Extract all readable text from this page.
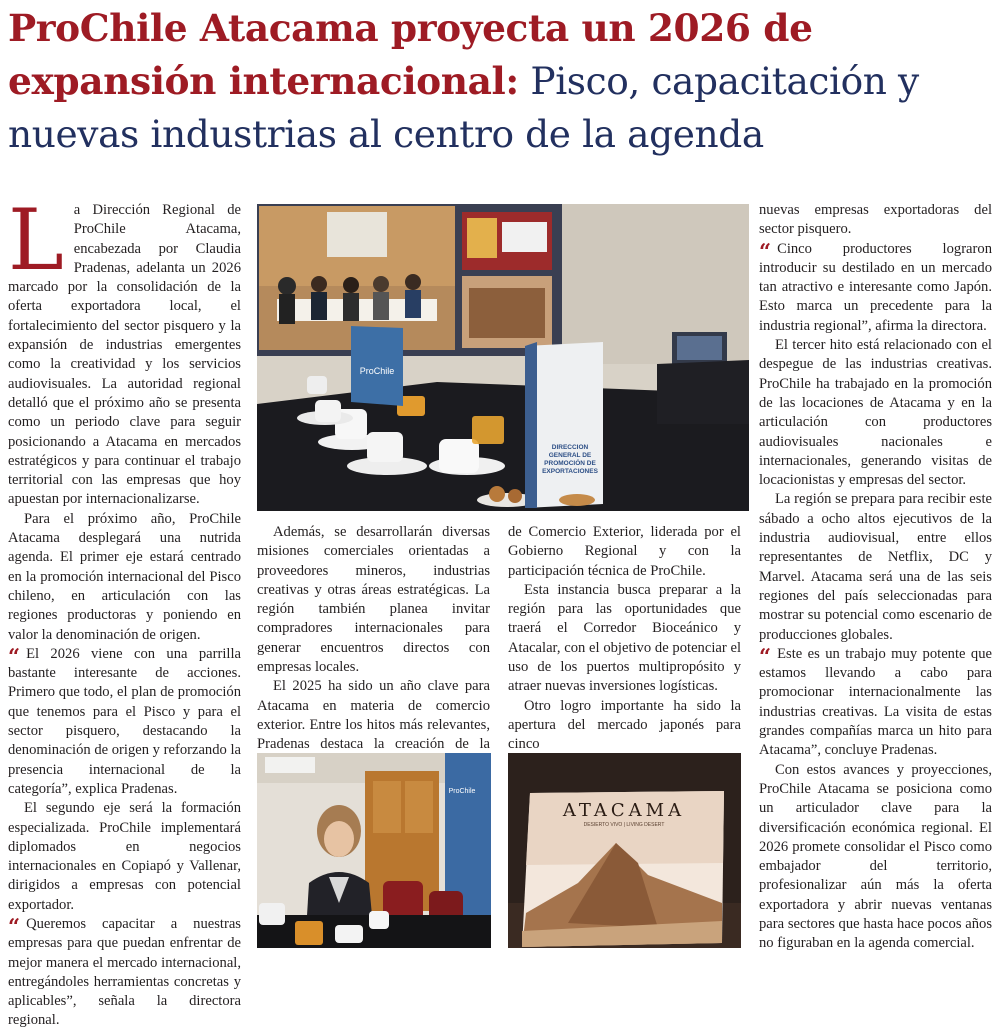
ProChile Atacama proyecta un 2026 de expansión internacional: Pisco, capacitación y nuevas industrias al centro de la agenda

La Dirección Regional de ProChile Atacama, encabezada por Claudia Pradenas, adelanta un 2026 marcado por la consolidación de la oferta exportadora local, el fortalecimiento del sector pisquero y la expansión de industrias emergentes como la creatividad y los servicios audiovisuales. La autoridad regional detalló que el próximo año se presenta como un periodo clave para seguir posicionando a Atacama en mercados estratégicos y para continuar el trabajo territorial con las empresas que hoy apuestan por internacionalizarse.

Para el próximo año, ProChile Atacama desplegará una nutrida agenda. El primer eje estará centrado en la promoción internacional del Pisco chileno, en articulación con las regiones productoras y poniendo en valor la denominación de origen.

“ El 2026 viene con una parrilla bastante interesante de acciones. Primero que todo, el plan de promoción que tenemos para el Pisco y para el sector pisquero, destacando la denominación de origen y reforzando la presencia internacional de la categoría”, explica Pradenas.

El segundo eje será la formación especializada. ProChile implementará diplomados en negocios internacionales en Copiapó y Vallenar, dirigidos a empresas con potencial exportador.

“ Queremos capacitar a nuestras empresas para que puedan enfrentar de mejor manera el mercado internacional, entregándoles herramientas concretas y aplicables”, señala la directora regional.

Además, se desarrollarán diversas misiones comerciales orientadas a proveedores mineros, industrias creativas y otras áreas estratégicas. La región también planea invitar compradores internacionales para generar encuentros directos con empresas locales.

El 2025 ha sido un año clave para Atacama en materia de comercio exterior. Entre los hitos más relevantes, Pradenas destaca la creación de la

de Comercio Exterior, liderada por el Gobierno Regional y con la participación técnica de ProChile.

Esta instancia busca preparar a la región para las oportunidades que traerá el Corredor Bioceánico y Atacalar, con el objetivo de potenciar el uso de los puertos multipropósito y atraer nuevas inversiones logísticas.

Otro logro importante ha sido la apertura del mercado japonés para cinco

nuevas empresas exportadoras del sector pisquero.

“ Cinco productores lograron introducir su destilado en un mercado tan atractivo e interesante como Japón. Esto marca un precedente para la industria regional”, afirma la directora.

El tercer hito está relacionado con el despegue de las industrias creativas. ProChile ha trabajado en la promoción de las locaciones de Atacama y en la articulación con productores audiovisuales nacionales e internacionales, generando visitas de locacionistas y empresas del sector.

La región se prepara para recibir este sábado a ocho altos ejecutivos de la industria audiovisual, entre ellos representantes de Netflix, DC y Marvel. Atacama será una de las seis regiones del país seleccionadas para mostrar su potencial como escenario de producciones globales.

“ Este es un trabajo muy potente que estamos llevando a cabo para promocionar internacionalmente las industrias creativas. La visita de estas grandes compañías marca un hito para Atacama”, concluye Pradenas.

Con estos avances y proyecciones, ProChile Atacama se posiciona como un articulador clave para la diversificación económica regional. El 2026 promete consolidar el Pisco como embajador del territorio, profesionalizar aún más la oferta exportadora y abrir nuevas ventanas para sectores que hasta hace pocos años no figuraban en la agenda comercial.

ProChile
DIRECCIÓN GENERAL DE PROMOCIÓN DE EXPORTACIONES
ProChile
ATACAMA
DESIERTO VIVO | LIVING DESERT
